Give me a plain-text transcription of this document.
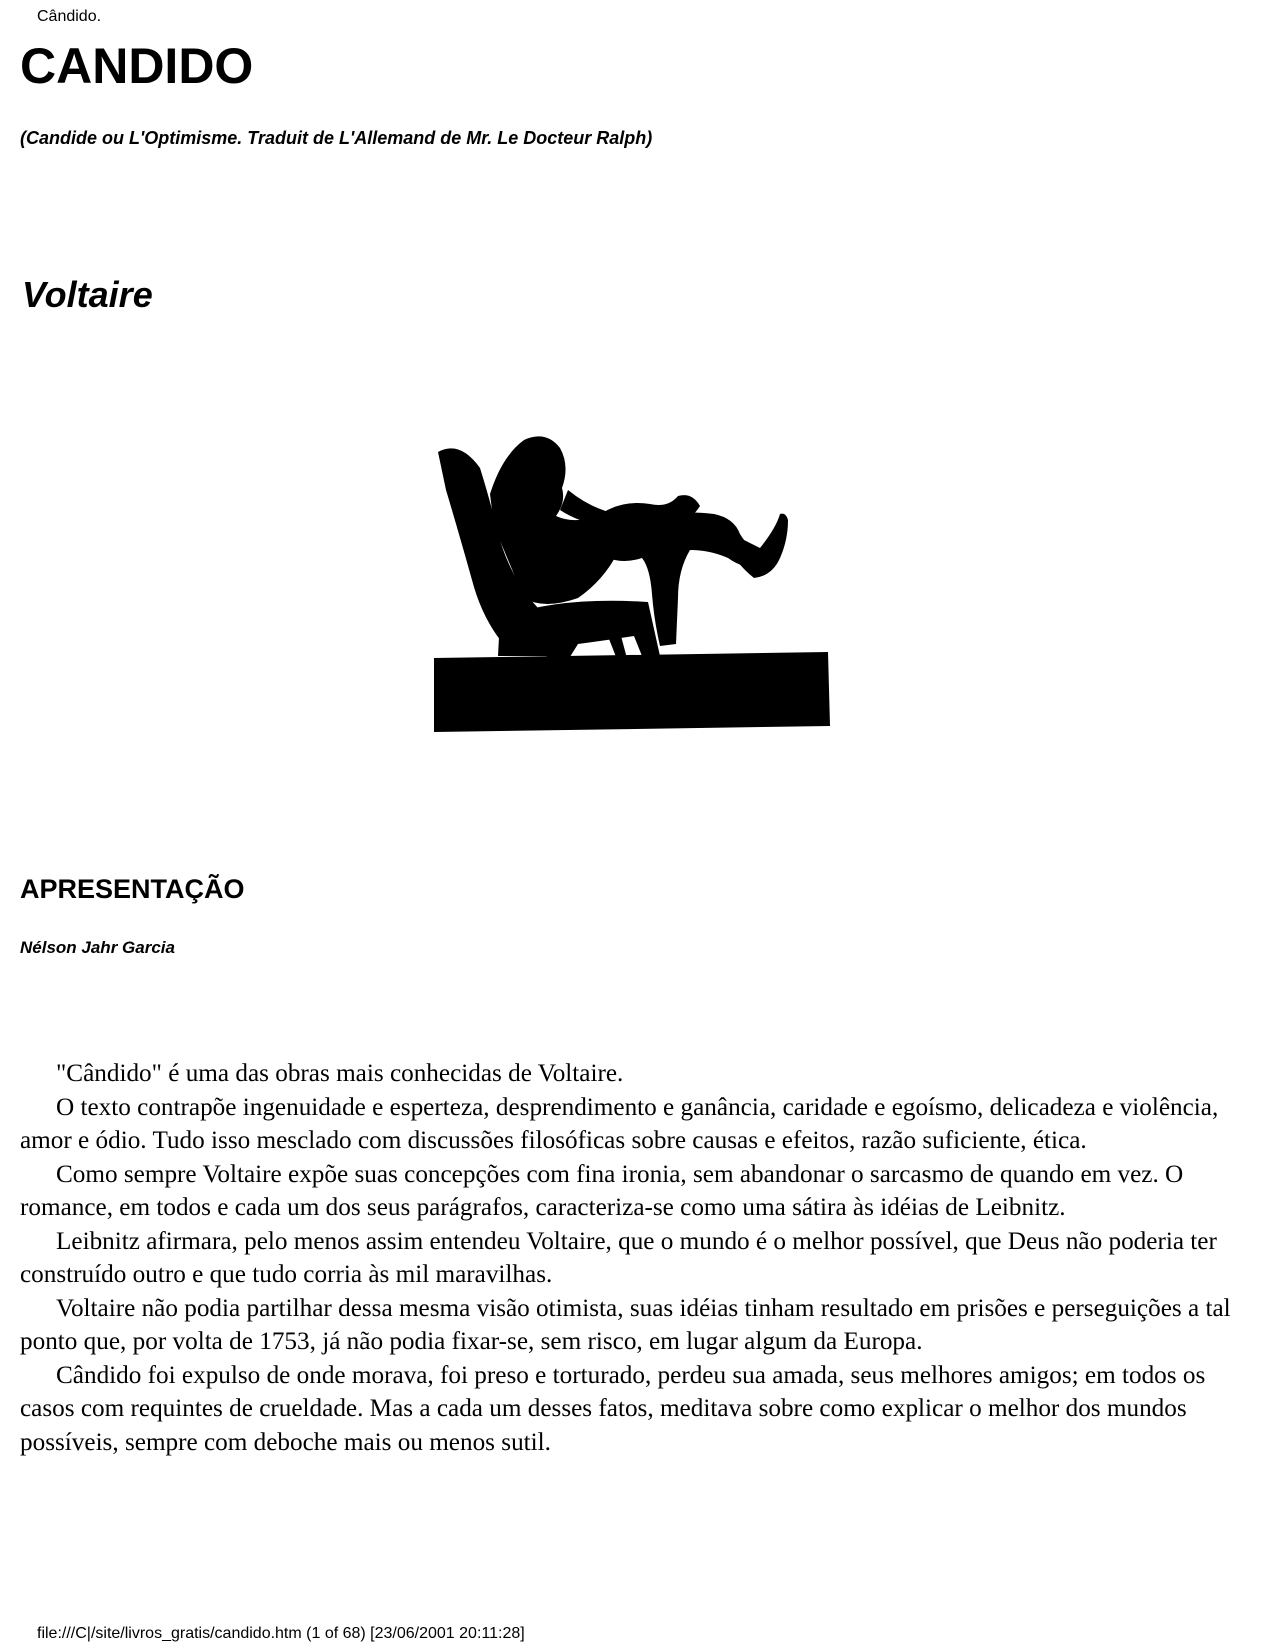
Cândido.
CANDIDO
(Candide ou L'Optimisme. Traduit de L'Allemand de Mr. Le Docteur Ralph)
Voltaire
APRESENTAÇÃO
Nélson Jahr Garcia

"Cândido" é uma das obras mais conhecidas de Voltaire.

O texto contrapõe ingenuidade e esperteza, desprendimento e ganância, caridade e egoísmo, delicadeza e violência, amor e ódio. Tudo isso mesclado com discussões filosóficas sobre causas e efeitos, razão suficiente, ética.

Como sempre Voltaire expõe suas concepções com fina ironia, sem abandonar o sarcasmo de quando em vez. O romance, em todos e cada um dos seus parágrafos, caracteriza-se como uma sátira às idéias de Leibnitz.

Leibnitz afirmara, pelo menos assim entendeu Voltaire, que o mundo é o melhor possível, que Deus não poderia ter construído outro e que tudo corria às mil maravilhas.

Voltaire não podia partilhar dessa mesma visão otimista, suas idéias tinham resultado em prisões e perseguições a tal ponto que, por volta de 1753, já não podia fixar-se, sem risco, em lugar algum da Europa.

Cândido foi expulso de onde morava, foi preso e torturado, perdeu sua amada, seus melhores amigos; em todos os casos com requintes de crueldade. Mas a cada um desses fatos, meditava sobre como explicar o melhor dos mundos possíveis, sempre com deboche mais ou menos sutil.

file:///C|/site/livros_gratis/candido.htm (1 of 68) [23/06/2001 20:11:28]
